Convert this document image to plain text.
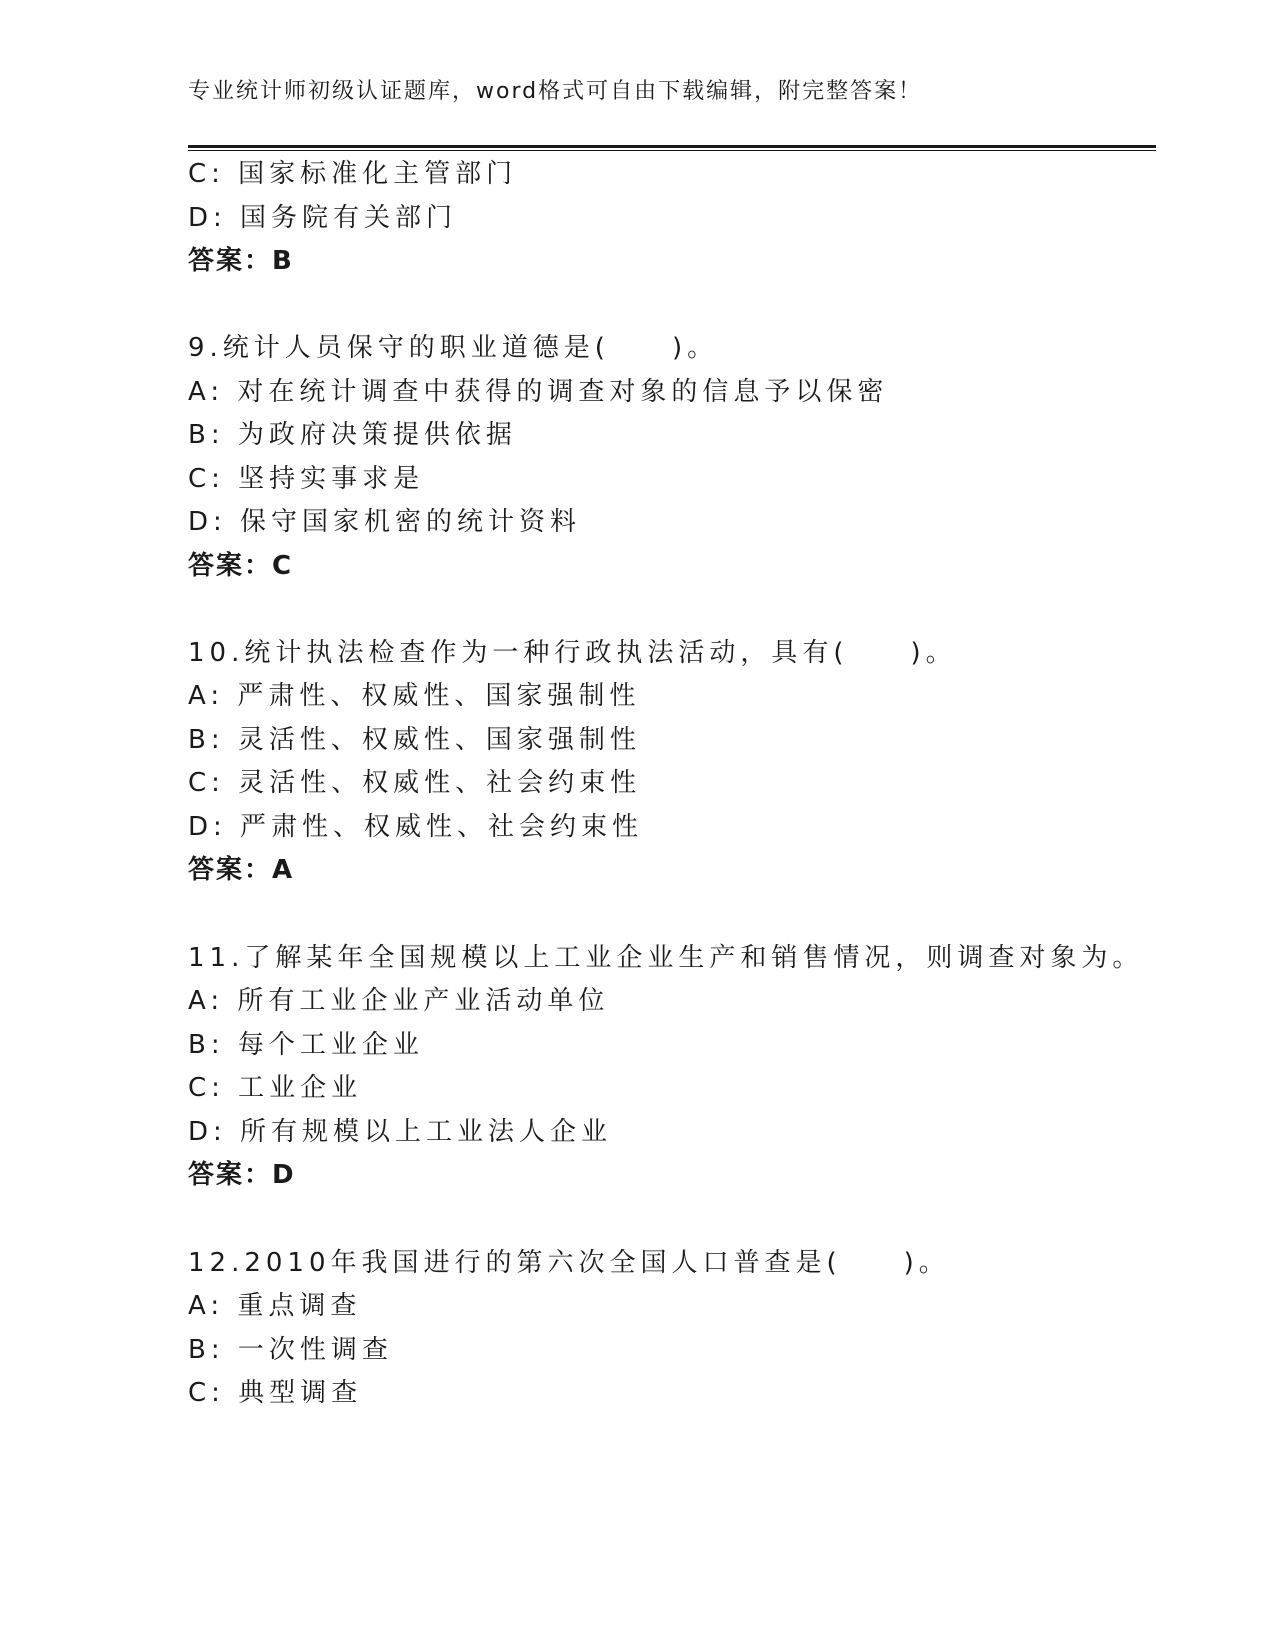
专业统计师初级认证题库，word格式可自由下载编辑，附完整答案！
C: 国家标准化主管部门
D: 国务院有关部门
答案：B
9.统计人员保守的职业道德是(　　)。
A: 对在统计调查中获得的调查对象的信息予以保密
B: 为政府决策提供依据
C: 坚持实事求是
D: 保守国家机密的统计资料
答案：C
10.统计执法检查作为一种行政执法活动，具有(　　)。
A: 严肃性、权威性、国家强制性
B: 灵活性、权威性、国家强制性
C: 灵活性、权威性、社会约束性
D: 严肃性、权威性、社会约束性
答案：A
11.了解某年全国规模以上工业企业生产和销售情况，则调查对象为。
A: 所有工业企业产业活动单位
B: 每个工业企业
C: 工业企业
D: 所有规模以上工业法人企业
答案：D
12.2010年我国进行的第六次全国人口普查是(　　)。
A: 重点调查
B: 一次性调查
C: 典型调查
